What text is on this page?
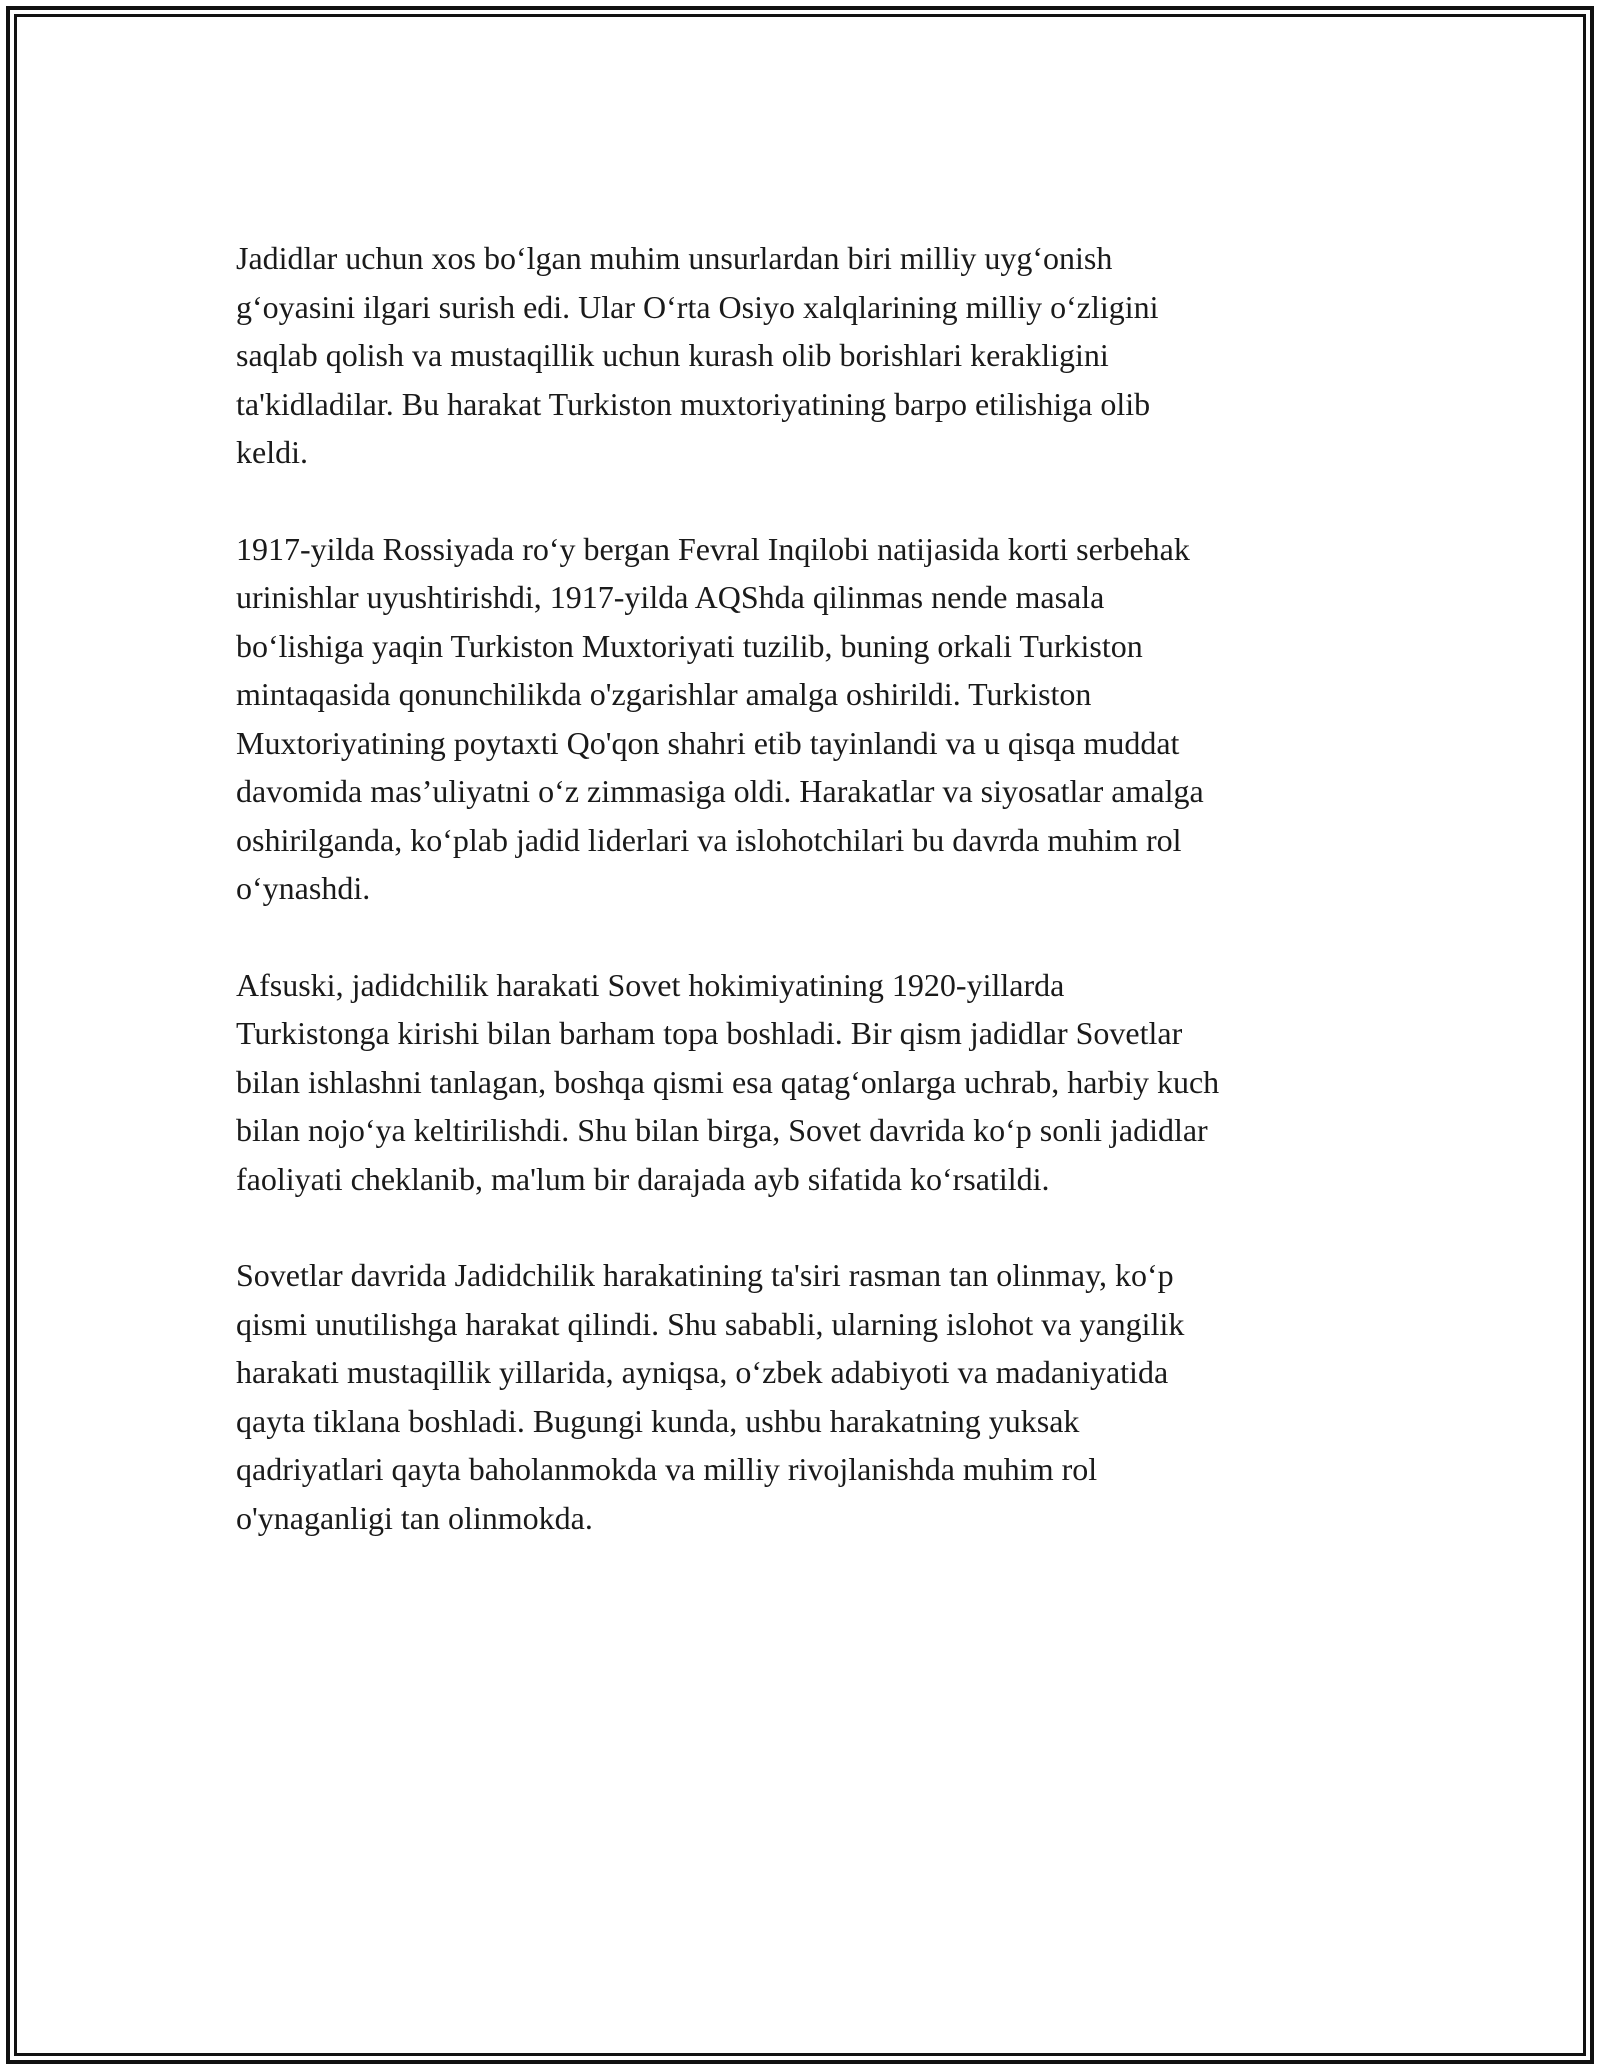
Jadidlar uchun xos bo‘lgan muhim unsurlardan biri milliy uyg‘onish
g‘oyasini ilgari surish edi. Ular O‘rta Osiyo xalqlarining milliy o‘zligini
saqlab qolish va mustaqillik uchun kurash olib borishlari kerakligini
ta'kidladilar. Bu harakat Turkiston muxtoriyatining barpo etilishiga olib
keldi.

1917-yilda Rossiyada ro‘y bergan Fevral Inqilobi natijasida korti serbehak
urinishlar uyushtirishdi, 1917-yilda AQShda qilinmas nende masala
bo‘lishiga yaqin Turkiston Muxtoriyati tuzilib, buning orkali Turkiston
mintaqasida qonunchilikda o'zgarishlar amalga oshirildi. Turkiston
Muxtoriyatining poytaxti Qo'qon shahri etib tayinlandi va u qisqa muddat
davomida mas’uliyatni o‘z zimmasiga oldi. Harakatlar va siyosatlar amalga
oshirilganda, ko‘plab jadid liderlari va islohotchilari bu davrda muhim rol
o‘ynashdi.

Afsuski, jadidchilik harakati Sovet hokimiyatining 1920-yillarda
Turkistonga kirishi bilan barham topa boshladi. Bir qism jadidlar Sovetlar
bilan ishlashni tanlagan, boshqa qismi esa qatag‘onlarga uchrab, harbiy kuch
bilan nojo‘ya keltirilishdi. Shu bilan birga, Sovet davrida ko‘p sonli jadidlar
faoliyati cheklanib, ma'lum bir darajada ayb sifatida ko‘rsatildi.

Sovetlar davrida Jadidchilik harakatining ta'siri rasman tan olinmay, ko‘p
qismi unutilishga harakat qilindi. Shu sababli, ularning islohot va yangilik
harakati mustaqillik yillarida, ayniqsa, o‘zbek adabiyoti va madaniyatida
qayta tiklana boshladi. Bugungi kunda, ushbu harakatning yuksak
qadriyatlari qayta baholanmokda va milliy rivojlanishda muhim rol
o'ynaganligi tan olinmokda.
